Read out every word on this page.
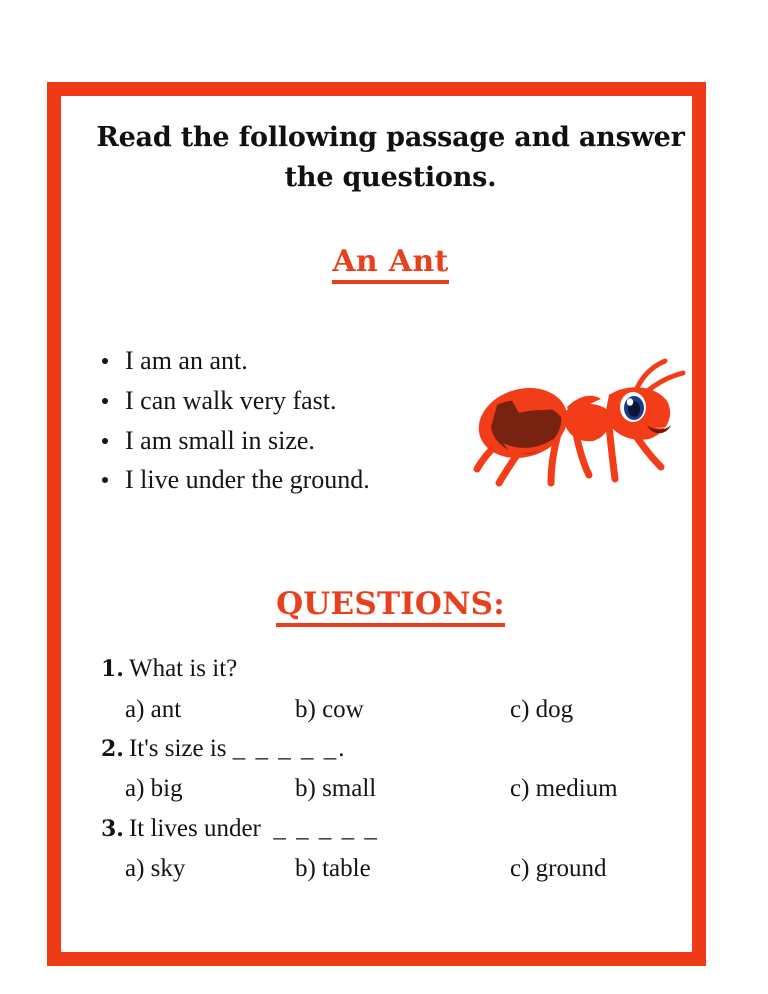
Read the following passage and answer the questions.
An Ant
I am an ant.
I can walk very fast.
I am small in size.
I live under the ground.
QUESTIONS:
1. What is it?
a) ant	b) cow	c) dog
2. It's size is _ _ _ _ _.
a) big	b) small	c) medium
3. It lives under _ _ _ _ _
a) sky	b) table	c) ground
